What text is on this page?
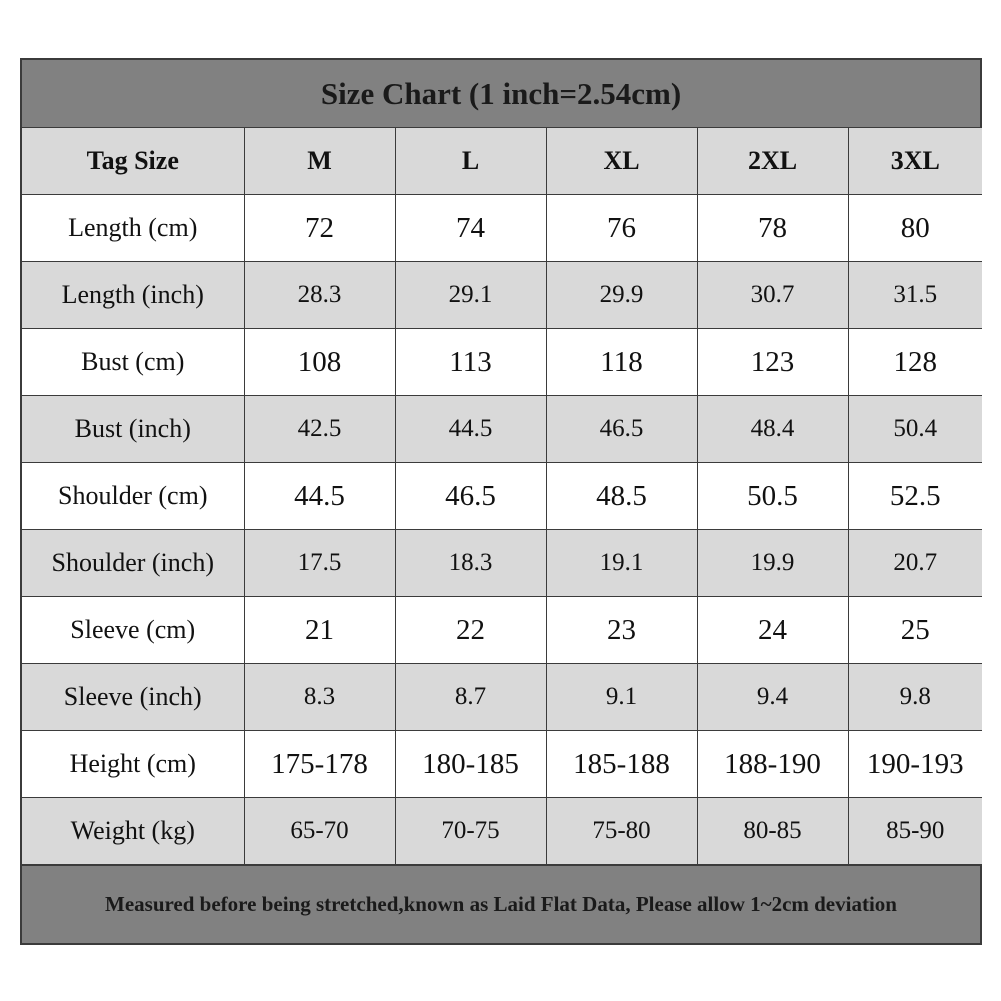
Size Chart (1 inch=2.54cm)
Tag Size	M	L	XL	2XL	3XL
Length (cm)	72	74	76	78	80
Length (inch)	28.3	29.1	29.9	30.7	31.5
Bust (cm)	108	113	118	123	128
Bust (inch)	42.5	44.5	46.5	48.4	50.4
Shoulder (cm)	44.5	46.5	48.5	50.5	52.5
Shoulder (inch)	17.5	18.3	19.1	19.9	20.7
Sleeve (cm)	21	22	23	24	25
Sleeve (inch)	8.3	8.7	9.1	9.4	9.8
Height (cm)	175-178	180-185	185-188	188-190	190-193
Weight (kg)	65-70	70-75	75-80	80-85	85-90
Measured before being stretched,known as Laid Flat Data, Please allow 1~2cm deviation
